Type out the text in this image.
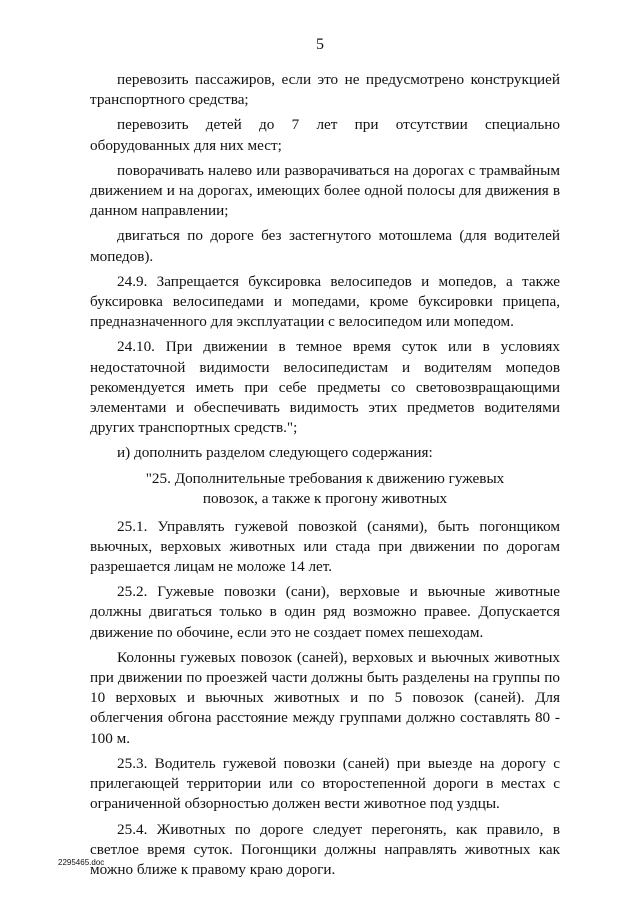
5

перевозить пассажиров, если это не предусмотрено конструкцией транспортного средства;

перевозить детей до 7 лет при отсутствии специально оборудованных для них мест;

поворачивать налево или разворачиваться на дорогах с трамвайным движением и на дорогах, имеющих более одной полосы для движения в данном направлении;

двигаться по дороге без застегнутого мотошлема (для водителей мопедов).

24.9. Запрещается буксировка велосипедов и мопедов, а также буксировка велосипедами и мопедами, кроме буксировки прицепа, предназначенного для эксплуатации с велосипедом или мопедом.

24.10. При движении в темное время суток или в условиях недостаточной видимости велосипедистам и водителям мопедов рекомендуется иметь при себе предметы со световозвращающими элементами и обеспечивать видимость этих предметов водителями других транспортных средств.";

и) дополнить разделом следующего содержания:

"25. Дополнительные требования к движению гужевых
повозок, а также к прогону животных

25.1. Управлять гужевой повозкой (санями), быть погонщиком вьючных, верховых животных или стада при движении по дорогам разрешается лицам не моложе 14 лет.

25.2. Гужевые повозки (сани), верховые и вьючные животные должны двигаться только в один ряд возможно правее. Допускается движение по обочине, если это не создает помех пешеходам.

Колонны гужевых повозок (саней), верховых и вьючных животных при движении по проезжей части должны быть разделены на группы по 10 верховых и вьючных животных и по 5 повозок (саней). Для облегчения обгона расстояние между группами должно составлять 80 - 100 м.

25.3. Водитель гужевой повозки (саней) при выезде на дорогу с прилегающей территории или со второстепенной дороги в местах с ограниченной обзорностью должен вести животное под уздцы.

25.4. Животных по дороге следует перегонять, как правило, в светлое время суток. Погонщики должны направлять животных как можно ближе к правому краю дороги.

2295465.doc
